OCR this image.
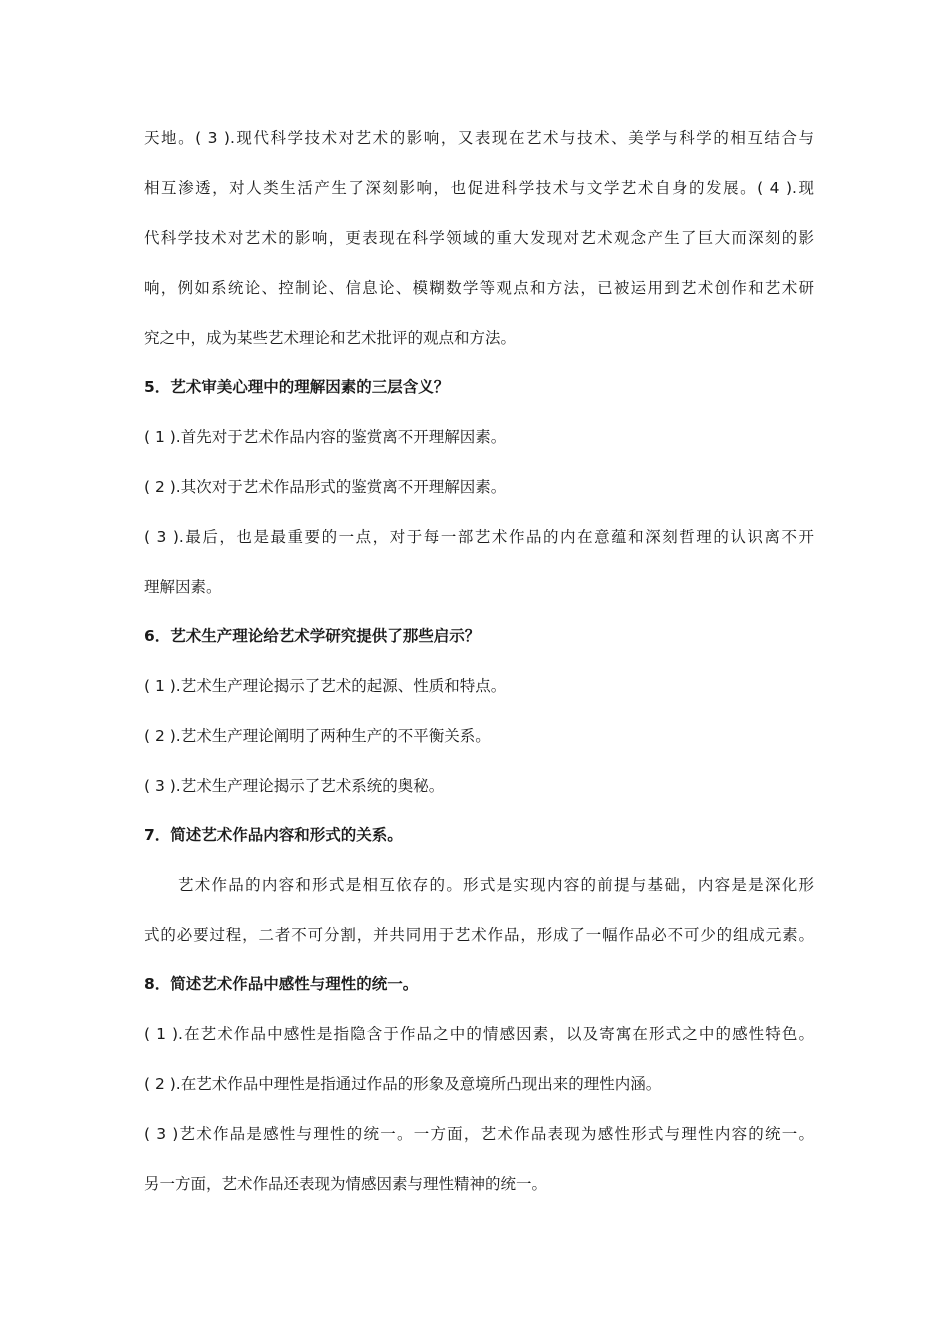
天地。( 3 ).现代科学技术对艺术的影响，又表现在艺术与技术、美学与科学的相互结合与
相互渗透，对人类生活产生了深刻影响，也促进科学技术与文学艺术自身的发展。( 4 ).现
代科学技术对艺术的影响，更表现在科学领域的重大发现对艺术观念产生了巨大而深刻的影
响，例如系统论、控制论、信息论、模糊数学等观点和方法，已被运用到艺术创作和艺术研
究之中，成为某些艺术理论和艺术批评的观点和方法。
5．艺术审美心理中的理解因素的三层含义？
( 1 ).首先对于艺术作品内容的鉴赏离不开理解因素。
( 2 ).其次对于艺术作品形式的鉴赏离不开理解因素。
( 3 ).最后，也是最重要的一点，对于每一部艺术作品的内在意蕴和深刻哲理的认识离不开
理解因素。
6．艺术生产理论给艺术学研究提供了那些启示？
( 1 ).艺术生产理论揭示了艺术的起源、性质和特点。
( 2 ).艺术生产理论阐明了两种生产的不平衡关系。
( 3 ).艺术生产理论揭示了艺术系统的奥秘。
7．简述艺术作品内容和形式的关系。
艺术作品的内容和形式是相互依存的。形式是实现内容的前提与基础，内容是是深化形
式的必要过程，二者不可分割，并共同用于艺术作品，形成了一幅作品必不可少的组成元素。
8．简述艺术作品中感性与理性的统一。
( 1 ).在艺术作品中感性是指隐含于作品之中的情感因素，以及寄寓在形式之中的感性特色。
( 2 ).在艺术作品中理性是指通过作品的形象及意境所凸现出来的理性内涵。
( 3 )艺术作品是感性与理性的统一。一方面，艺术作品表现为感性形式与理性内容的统一。
另一方面，艺术作品还表现为情感因素与理性精神的统一。
